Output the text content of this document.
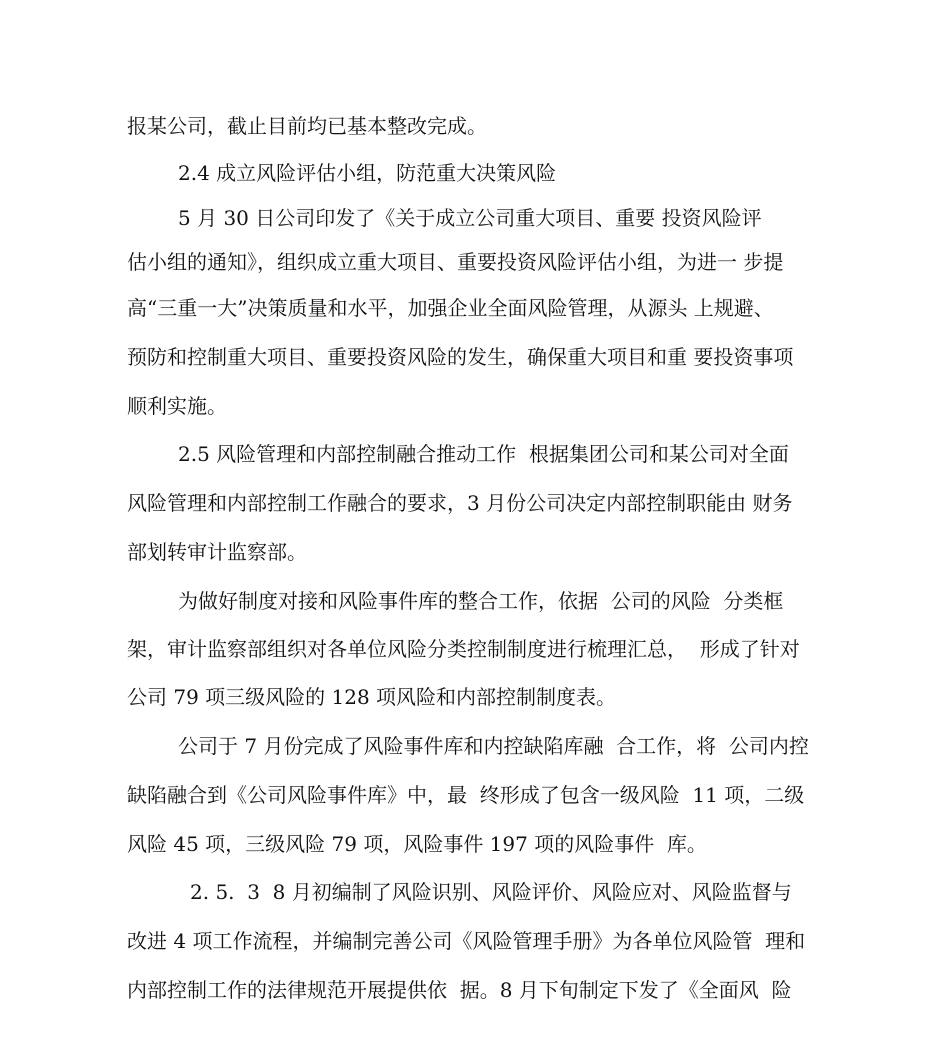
报某公司，截止目前均已基本整改完成。
2.4 成立风险评估小组，防范重大决策风险
5 月 30 日公司印发了《关于成立公司重大项目、重要 投资风险评
估小组的通知》，组织成立重大项目、重要投资风险评估小组，为进一 步提
高“三重一大”决策质量和水平，加强企业全面风险管理，从源头 上规避、
预防和控制重大项目、重要投资风险的发生，确保重大项目和重 要投资事项
顺利实施。
2.5 风险管理和内部控制融合推动工作  根据集团公司和某公司对全面
风险管理和内部控制工作融合的要求，3 月份公司决定内部控制职能由 财务
部划转审计监察部。
为做好制度对接和风险事件库的整合工作，依据  公司的风险  分类框
架，审计监察部组织对各单位风险分类控制制度进行梳理汇总，  形成了针对
公司 79 项三级风险的 128 项风险和内部控制制度表。
公司于 7 月份完成了风险事件库和内控缺陷库融  合工作，将  公司内控
缺陷融合到《公司风险事件库》中，最  终形成了包含一级风险  11 项，二级
风险 45 项，三级风险 79 项，风险事件 197 项的风险事件  库。
2. 5.  3  8 月初编制了风险识别、风险评价、风险应对、风险监督与
改进 4 项工作流程，并编制完善公司《风险管理手册》为各单位风险管  理和
内部控制工作的法律规范开展提供依  据。8 月下旬制定下发了《全面风  险
